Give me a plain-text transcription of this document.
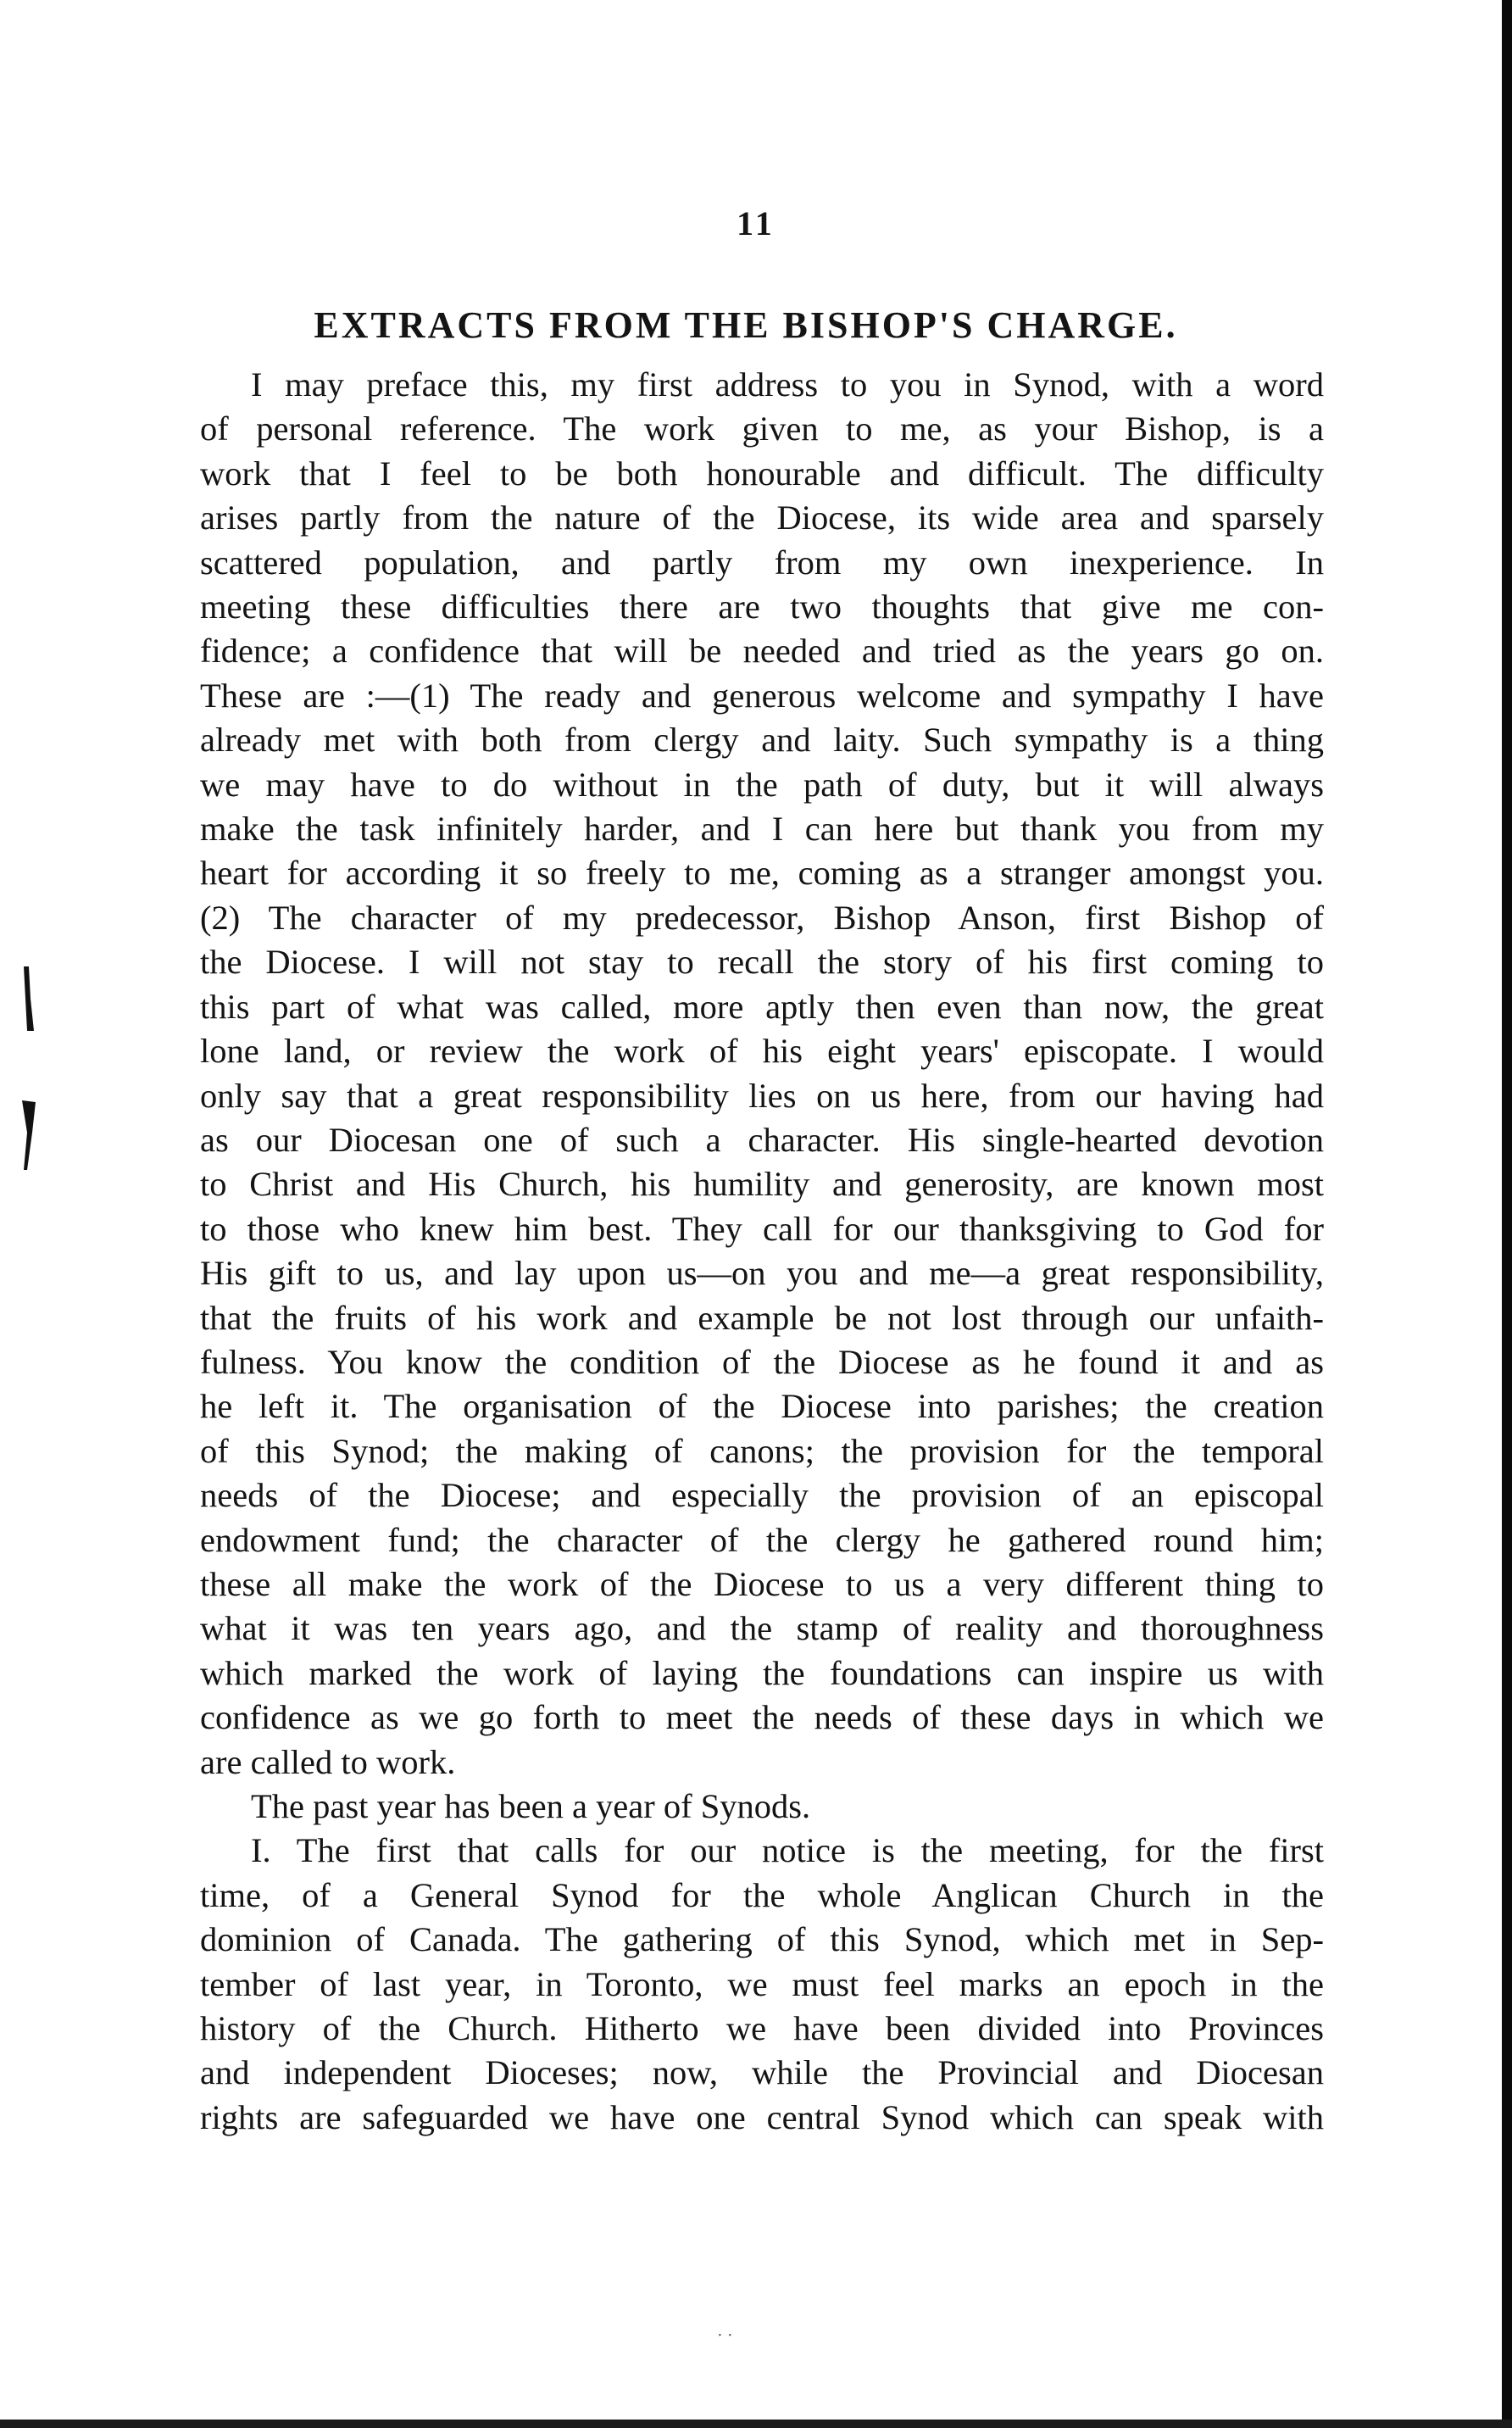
11
EXTRACTS FROM THE BISHOP'S CHARGE.
I may preface this, my first address to you in Synod, with a word
of personal reference. The work given to me, as your Bishop, is a
work that I feel to be both honourable and difficult. The difficulty
arises partly from the nature of the Diocese, its wide area and sparsely
scattered population, and partly from my own inexperience. In
meeting these difficulties there are two thoughts that give me con-
fidence; a confidence that will be needed and tried as the years go on.
These are :—(1) The ready and generous welcome and sympathy I have
already met with both from clergy and laity. Such sympathy is a thing
we may have to do without in the path of duty, but it will always
make the task infinitely harder, and I can here but thank you from my
heart for according it so freely to me, coming as a stranger amongst you.
(2) The character of my predecessor, Bishop Anson, first Bishop of
the Diocese. I will not stay to recall the story of his first coming to
this part of what was called, more aptly then even than now, the great
lone land, or review the work of his eight years' episcopate. I would
only say that a great responsibility lies on us here, from our having had
as our Diocesan one of such a character. His single-hearted devotion
to Christ and His Church, his humility and generosity, are known most
to those who knew him best. They call for our thanksgiving to God for
His gift to us, and lay upon us—on you and me—a great responsibility,
that the fruits of his work and example be not lost through our unfaith-
fulness. You know the condition of the Diocese as he found it and as
he left it. The organisation of the Diocese into parishes; the creation
of this Synod; the making of canons; the provision for the temporal
needs of the Diocese; and especially the provision of an episcopal
endowment fund; the character of the clergy he gathered round him;
these all make the work of the Diocese to us a very different thing to
what it was ten years ago, and the stamp of reality and thoroughness
which marked the work of laying the foundations can inspire us with
confidence as we go forth to meet the needs of these days in which we
are called to work.
The past year has been a year of Synods.
I. The first that calls for our notice is the meeting, for the first
time, of a General Synod for the whole Anglican Church in the
dominion of Canada. The gathering of this Synod, which met in Sep-
tember of last year, in Toronto, we must feel marks an epoch in the
history of the Church. Hitherto we have been divided into Provinces
and independent Dioceses; now, while the Provincial and Diocesan
rights are safeguarded we have one central Synod which can speak with
⋅ ⋅
